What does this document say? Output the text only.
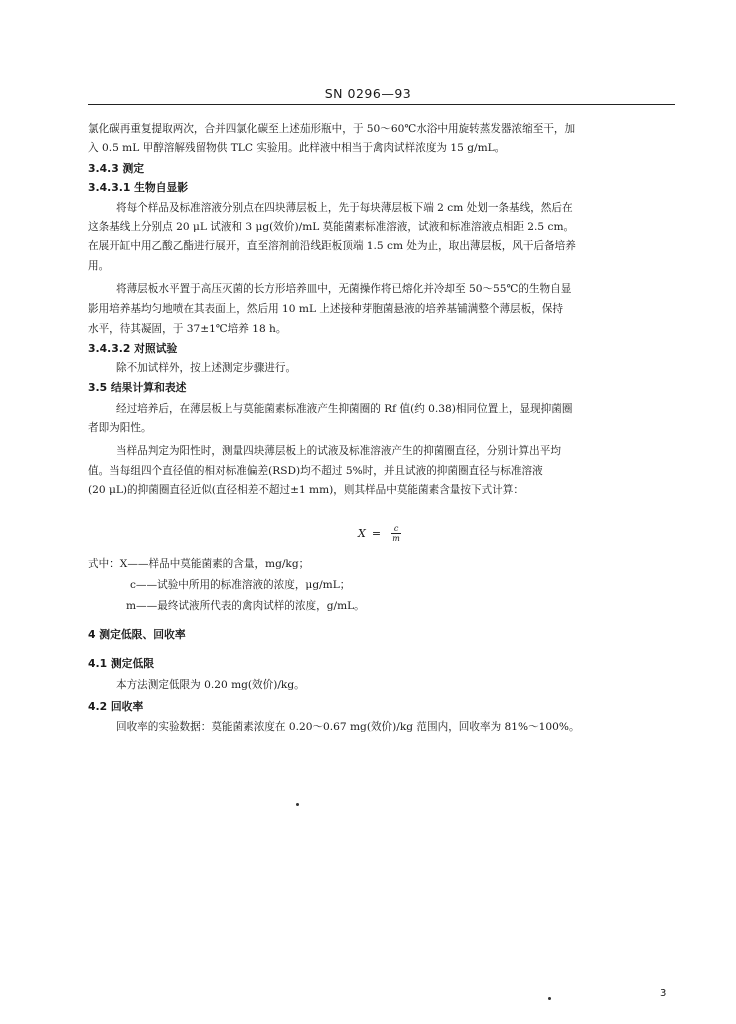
SN 0296—93
氯化碳再重复提取两次，合并四氯化碳至上述茄形瓶中，于 50～60℃水浴中用旋转蒸发器浓缩至干，加
入 0.5 mL 甲醇溶解残留物供 TLC 实验用。此样液中相当于禽肉试样浓度为 15 g/mL。
3.4.3 测定
3.4.3.1 生物自显影
将每个样品及标准溶液分别点在四块薄层板上，先于每块薄层板下端 2 cm 处划一条基线，然后在
这条基线上分别点 20 μL 试液和 3 μg(效价)/mL 莫能菌素标准溶液，试液和标准溶液点相距 2.5 cm。
在展开缸中用乙酸乙酯进行展开，直至溶剂前沿线距板顶端 1.5 cm 处为止，取出薄层板，风干后备培养
用。
将薄层板水平置于高压灭菌的长方形培养皿中，无菌操作将已熔化并冷却至 50～55℃的生物自显
影用培养基均匀地喷在其表面上，然后用 10 mL 上述接种芽胞菌悬液的培养基铺满整个薄层板，保持
水平，待其凝固，于 37±1℃培养 18 h。
3.4.3.2 对照试验
除不加试样外，按上述测定步骤进行。
3.5 结果计算和表述
经过培养后，在薄层板上与莫能菌素标准液产生抑菌圈的 Rf 值(约 0.38)相同位置上，显现抑菌圈
者即为阳性。
当样品判定为阳性时，测量四块薄层板上的试液及标准溶液产生的抑菌圈直径，分别计算出平均
值。当每组四个直径值的相对标准偏差(RSD)均不超过 5%时，并且试液的抑菌圈直径与标准溶液
(20 μL)的抑菌圈直径近似(直径相差不超过±1 mm)，则其样品中莫能菌素含量按下式计算：
$X = \frac{c}{m}$
式中：X——样品中莫能菌素的含量，mg/kg；
c——试验中所用的标准溶液的浓度，μg/mL；
m——最终试液所代表的禽肉试样的浓度，g/mL。
4 测定低限、回收率
4.1 测定低限
本方法测定低限为 0.20 mg(效价)/kg。
4.2 回收率
回收率的实验数据：莫能菌素浓度在 0.20～0.67 mg(效价)/kg 范围内，回收率为 81%～100%。
3
